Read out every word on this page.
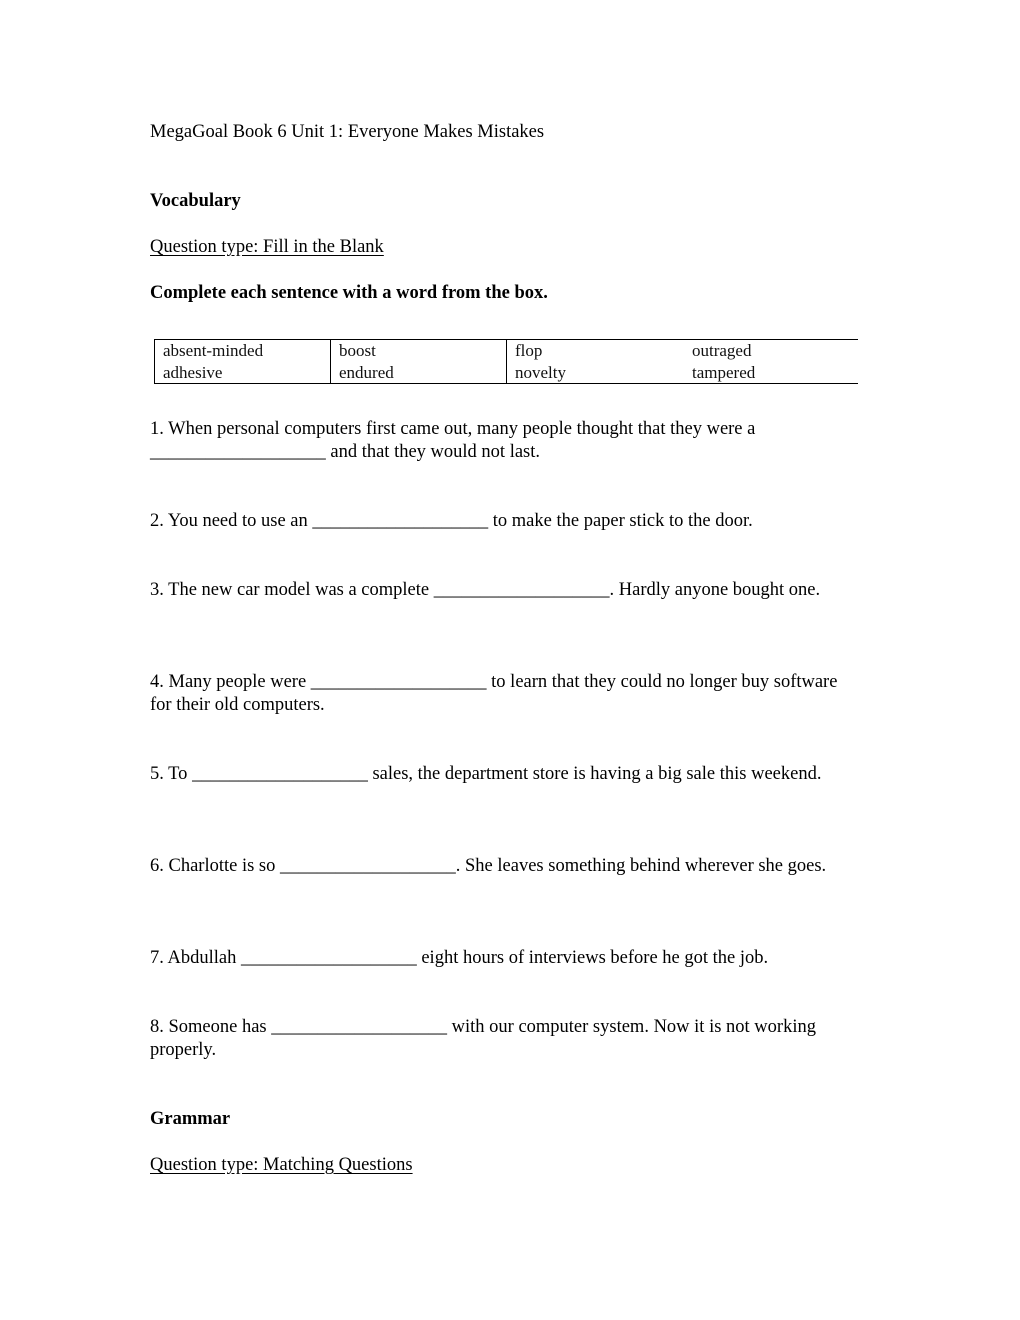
MegaGoal Book 6 Unit 1: Everyone Makes Mistakes
Vocabulary
Question type: Fill in the Blank
Complete each sentence with a word from the box.
absent-minded
adhesive
boost
endured
flop
novelty
outraged
tampered
1. When personal computers first came out, many people thought that they were a ___________________ and that they would not last.
2. You need to use an ___________________ to make the paper stick to the door.
3. The new car model was a complete ___________________. Hardly anyone bought one.
4. Many people were ___________________ to learn that they could no longer buy software for their old computers.
5. To ___________________ sales, the department store is having a big sale this weekend.
6. Charlotte is so ___________________. She leaves something behind wherever she goes.
7. Abdullah ___________________ eight hours of interviews before he got the job.
8. Someone has ___________________ with our computer system. Now it is not working properly.
Grammar
Question type: Matching Questions
